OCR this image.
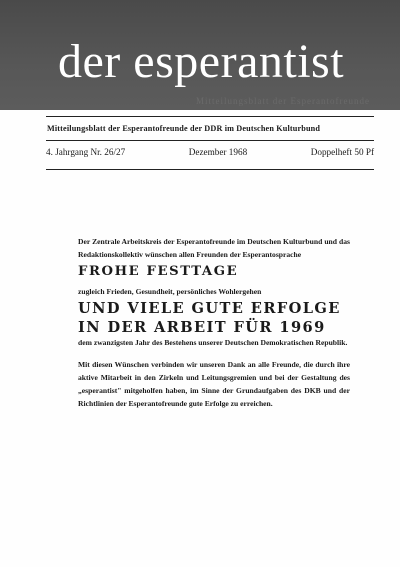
der esperantist
Mitteilungsblatt der Esperantofreunde
Mitteilungsblatt der Esperantofreunde der DDR im Deutschen Kulturbund
4. Jahrgang Nr. 26/27	Dezember 1968	Doppelheft 50 Pf

Der Zentrale Arbeitskreis der Esperantofreunde im Deutschen Kulturbund und das Redaktionskollektiv wünschen allen Freunden der Esperantosprache

FROHE FESTTAGE

zugleich Frieden, Gesundheit, persönliches Wohlergehen

UND VIELE GUTE ERFOLGE
IN DER ARBEIT FÜR 1969

dem zwanzigsten Jahr des Bestehens unserer Deutschen Demokratischen Republik.

Mit diesen Wünschen verbinden wir unseren Dank an alle Freunde, die durch ihre aktive Mitarbeit in den Zirkeln und Leitungsgremien und bei der Gestaltung des „esperantist" mitgeholfen haben, im Sinne der Grundaufgaben des DKB und der Richtlinien der Esperantofreunde gute Erfolge zu erreichen.
